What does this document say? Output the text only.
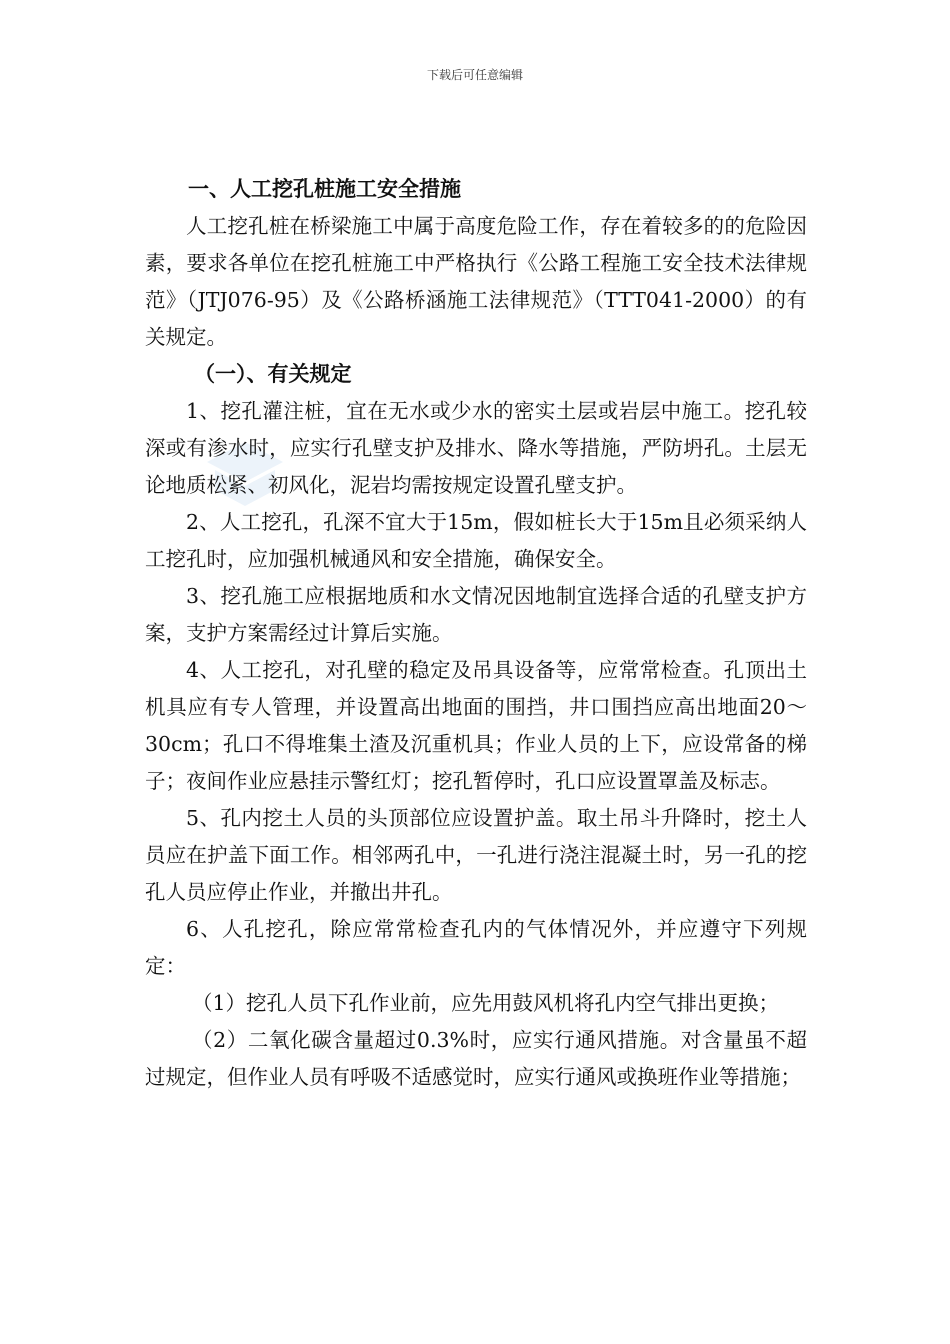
下载后可任意编辑

一、人工挖孔桩施工安全措施

人工挖孔桩在桥梁施工中属于高度危险工作，存在着较多的的危险因素，要求各单位在挖孔桩施工中严格执行《公路工程施工安全技术法律规范》（JTJ076-95）及《公路桥涵施工法律规范》（TTT041-2000）的有关规定。

（一）、有关规定

1、挖孔灌注桩，宜在无水或少水的密实土层或岩层中施工。挖孔较深或有渗水时，应实行孔壁支护及排水、降水等措施，严防坍孔。土层无论地质松紧、初风化，泥岩均需按规定设置孔壁支护。

2、人工挖孔，孔深不宜大于15m，假如桩长大于15m且必须采纳人工挖孔时，应加强机械通风和安全措施，确保安全。

3、挖孔施工应根据地质和水文情况因地制宜选择合适的孔壁支护方案，支护方案需经过计算后实施。

4、人工挖孔，对孔壁的稳定及吊具设备等，应常常检查。孔顶出土机具应有专人管理，并设置高出地面的围挡，井口围挡应高出地面20～30cm；孔口不得堆集土渣及沉重机具；作业人员的上下，应设常备的梯子；夜间作业应悬挂示警红灯；挖孔暂停时，孔口应设置罩盖及标志。

5、孔内挖土人员的头顶部位应设置护盖。取土吊斗升降时，挖土人员应在护盖下面工作。相邻两孔中，一孔进行浇注混凝土时，另一孔的挖孔人员应停止作业，并撤出井孔。

6、人孔挖孔，除应常常检查孔内的气体情况外，并应遵守下列规定：

（1）挖孔人员下孔作业前，应先用鼓风机将孔内空气排出更换；

（2）二氧化碳含量超过0.3%时，应实行通风措施。对含量虽不超过规定，但作业人员有呼吸不适感觉时，应实行通风或换班作业等措施；
